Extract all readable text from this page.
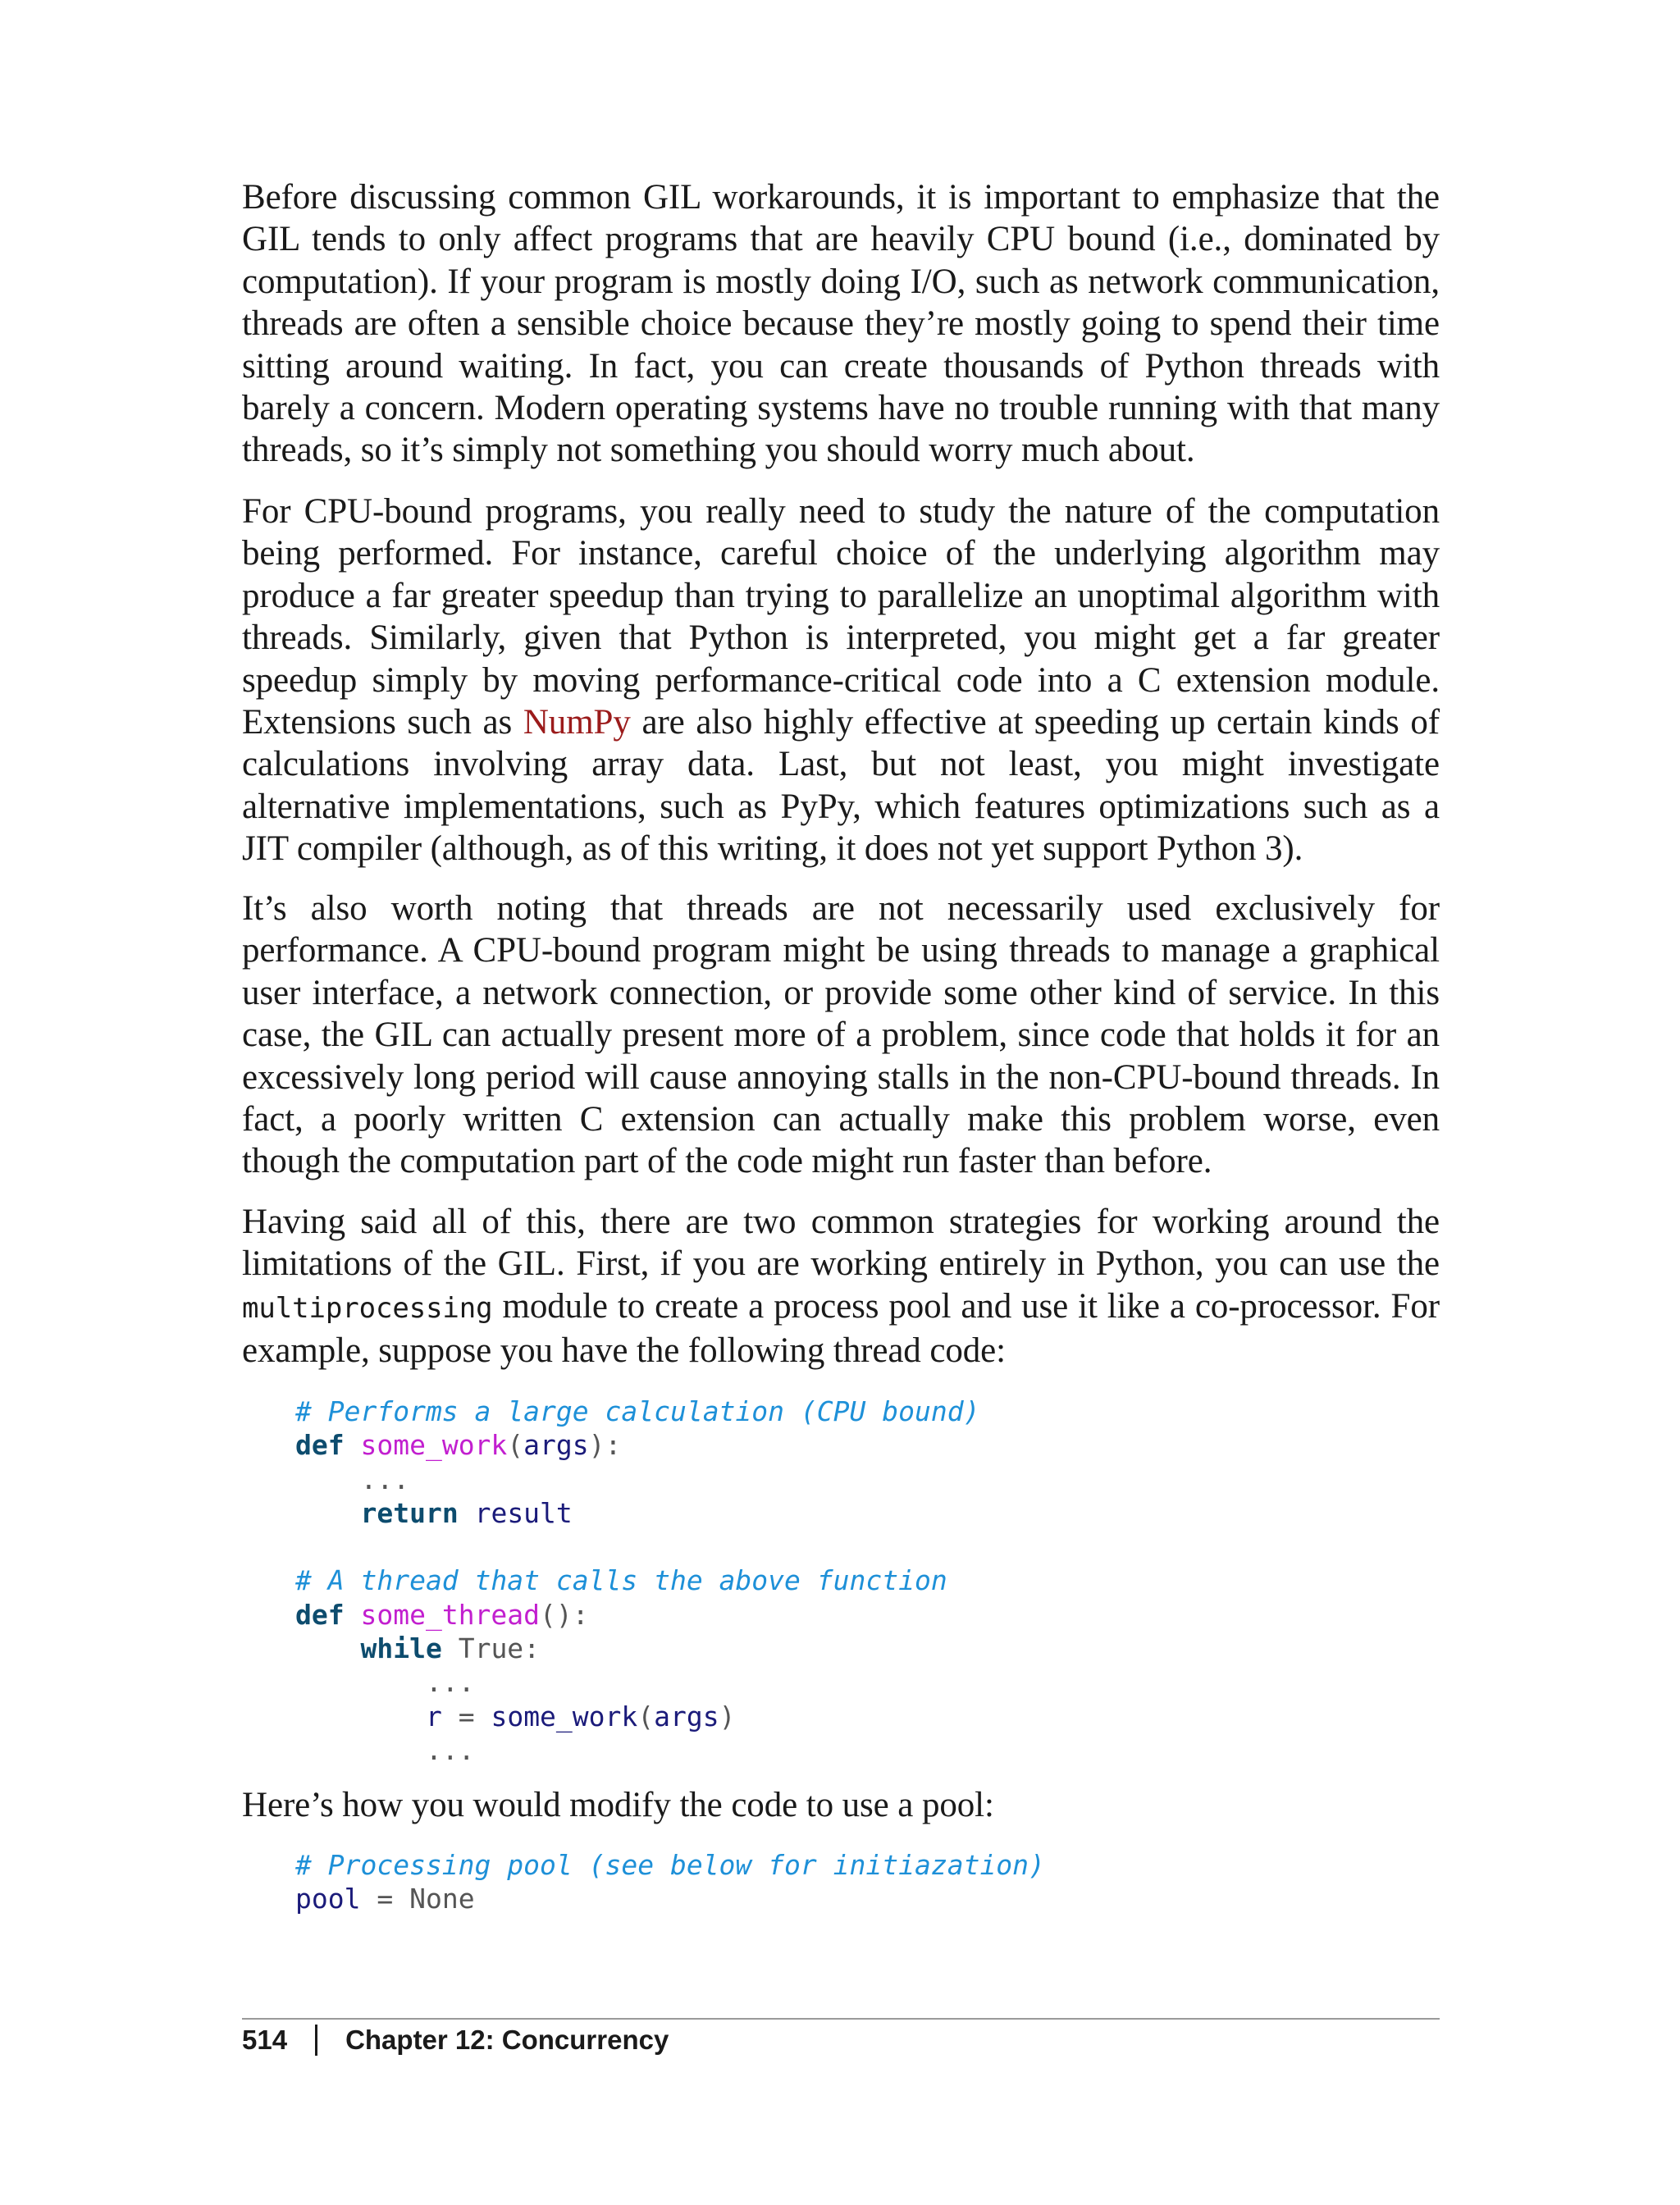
Before discussing common GIL workarounds, it is important to emphasize that the GIL tends to only affect programs that are heavily CPU bound (i.e., dominated by computation). If your program is mostly doing I/O, such as network communication, threads are often a sensible choice because they’re mostly going to spend their time sitting around waiting. In fact, you can create thousands of Python threads with barely a concern. Modern operating systems have no trouble running with that many threads, so it’s simply not something you should worry much about.

For CPU-bound programs, you really need to study the nature of the computation being performed. For instance, careful choice of the underlying algorithm may produce a far greater speedup than trying to parallelize an unoptimal algorithm with threads. Similarly, given that Python is interpreted, you might get a far greater speedup simply by moving performance-critical code into a C extension module. Extensions such as NumPy are also highly effective at speeding up certain kinds of calculations involving array data. Last, but not least, you might investigate alternative implementations, such as PyPy, which features optimizations such as a JIT compiler (although, as of this writing, it does not yet support Python 3).

It’s also worth noting that threads are not necessarily used exclusively for performance. A CPU-bound program might be using threads to manage a graphical user interface, a network connection, or provide some other kind of service. In this case, the GIL can actually present more of a problem, since code that holds it for an excessively long period will cause annoying stalls in the non-CPU-bound threads. In fact, a poorly written C extension can actually make this problem worse, even though the computation part of the code might run faster than before.

Having said all of this, there are two common strategies for working around the limitations of the GIL. First, if you are working entirely in Python, you can use the multiprocessing module to create a process pool and use it like a co-processor. For example, suppose you have the following thread code:

# Performs a large calculation (CPU bound)
def some_work(args):
...
return result

# A thread that calls the above function
def some_thread():
while True:
...
r = some_work(args)
...

Here’s how you would modify the code to use a pool:

# Processing pool (see below for initiazation)
pool = None
514 Chapter 12: Concurrency
